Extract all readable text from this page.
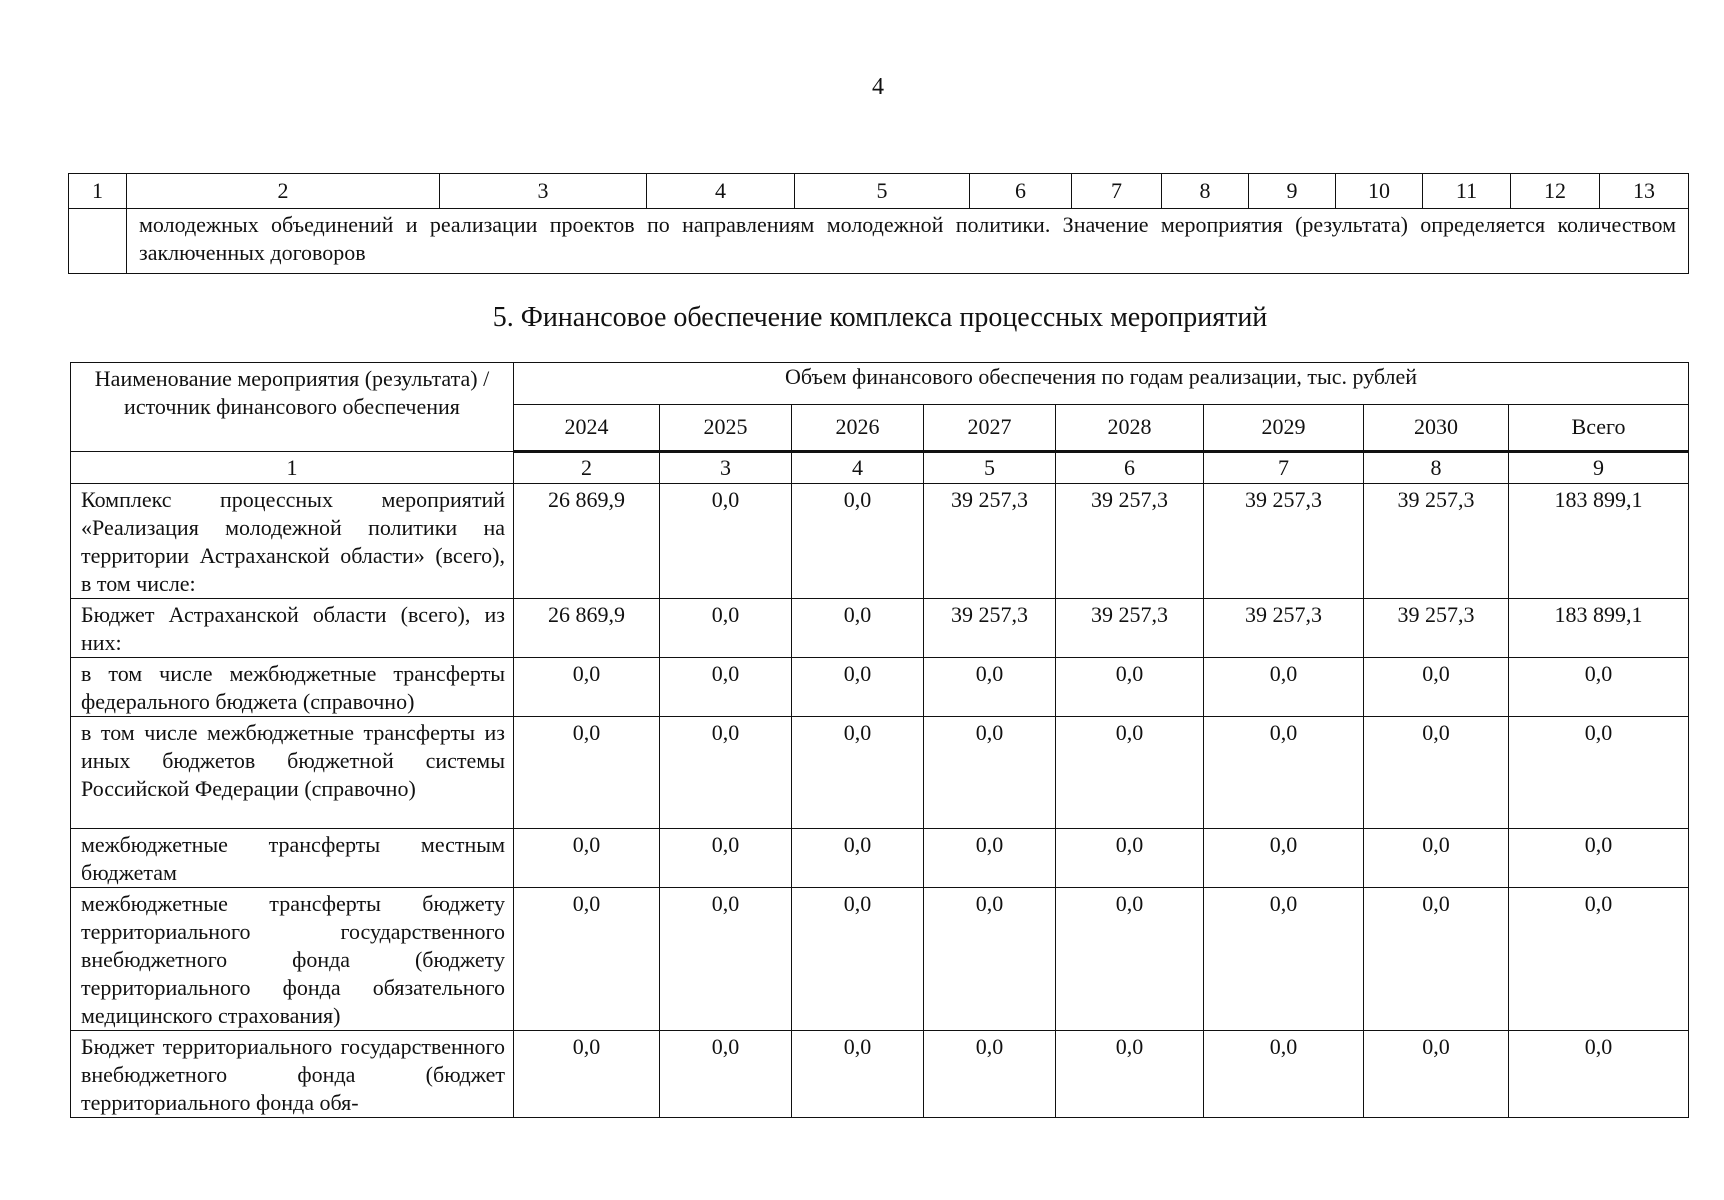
4
1	2	3	4	5	6	7	8	9	10	11	12	13
	молодежных объединений и реализации проектов по направлениям молодежной политики. Значение мероприятия (результата) определяется количеством заключенных договоров											
5. Финансовое обеспечение комплекса процессных мероприятий
Наименование мероприятия (результата) / источник финансового обеспечения	Объем финансового обеспечения по годам реализации, тыс. рублей							
	2024	2025	2026	2027	2028	2029	2030	Всего
1	2	3	4	5	6	7	8	9
Комплекс процессных мероприятий «Реализация молодежной политики на территории Астраханской области» (всего), в том числе:	26 869,9	0,0	0,0	39 257,3	39 257,3	39 257,3	39 257,3	183 899,1
Бюджет Астраханской области (всего), из них:	26 869,9	0,0	0,0	39 257,3	39 257,3	39 257,3	39 257,3	183 899,1
в том числе межбюджетные трансферты федерального бюджета (справочно)	0,0	0,0	0,0	0,0	0,0	0,0	0,0	0,0
в том числе межбюджетные трансферты из иных бюджетов бюджетной системы Российской Федерации (справочно)	0,0	0,0	0,0	0,0	0,0	0,0	0,0	0,0
межбюджетные трансферты местным бюджетам	0,0	0,0	0,0	0,0	0,0	0,0	0,0	0,0
межбюджетные трансферты бюджету территориального государственного внебюджетного фонда (бюджету территориального фонда обязательного медицинского страхования)	0,0	0,0	0,0	0,0	0,0	0,0	0,0	0,0
Бюджет территориального государственного внебюджетного фонда (бюджет территориального фонда обя-	0,0	0,0	0,0	0,0	0,0	0,0	0,0	0,0
